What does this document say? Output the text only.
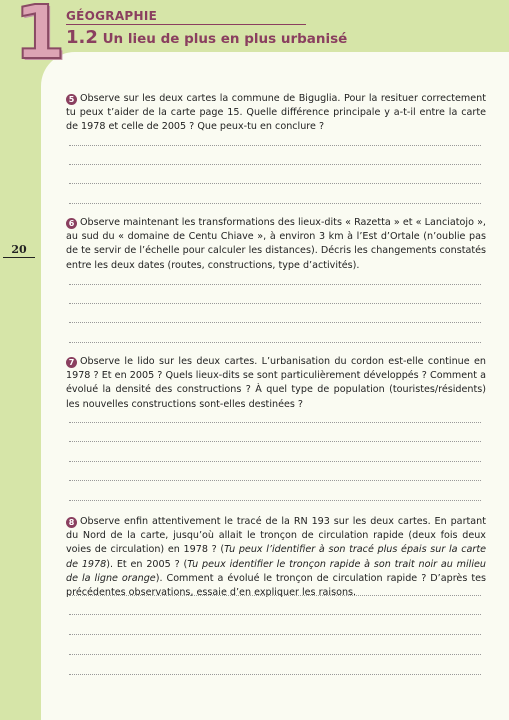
1 GÉOGRAPHIE
1.2 Un lieu de plus en plus urbanisé
20
5 Observe sur les deux cartes la commune de Biguglia. Pour la resituer correctement tu peux t’aider de la carte page 15. Quelle différence principale y a-t-il entre la carte de 1978 et celle de 2005 ? Que peux-tu en conclure ?
6 Observe maintenant les transformations des lieux-dits « Razetta » et « Lanciatojo », au sud du « domaine de Centu Chiave », à environ 3 km à l’Est d’Ortale (n’oublie pas de te servir de l’échelle pour calculer les distances). Décris les changements constatés entre les deux dates (routes, constructions, type d’activités).
7 Observe le lido sur les deux cartes. L’urbanisation du cordon est-elle continue en 1978 ? Et en 2005 ? Quels lieux-dits se sont particulièrement développés ? Comment a évolué la densité des constructions ? À quel type de population (touristes/résidents) les nouvelles constructions sont-elles destinées ?
8 Observe enfin attentivement le tracé de la RN 193 sur les deux cartes. En partant du Nord de la carte, jusqu’où allait le tronçon de circulation rapide (deux fois deux voies de circulation) en 1978 ? (Tu peux l’identifier à son tracé plus épais sur la carte de 1978). Et en 2005 ? (Tu peux identifier le tronçon rapide à son trait noir au milieu de la ligne orange). Comment a évolué le tronçon de circulation rapide ? D’après tes précédentes observations, essaie d’en expliquer les raisons.
